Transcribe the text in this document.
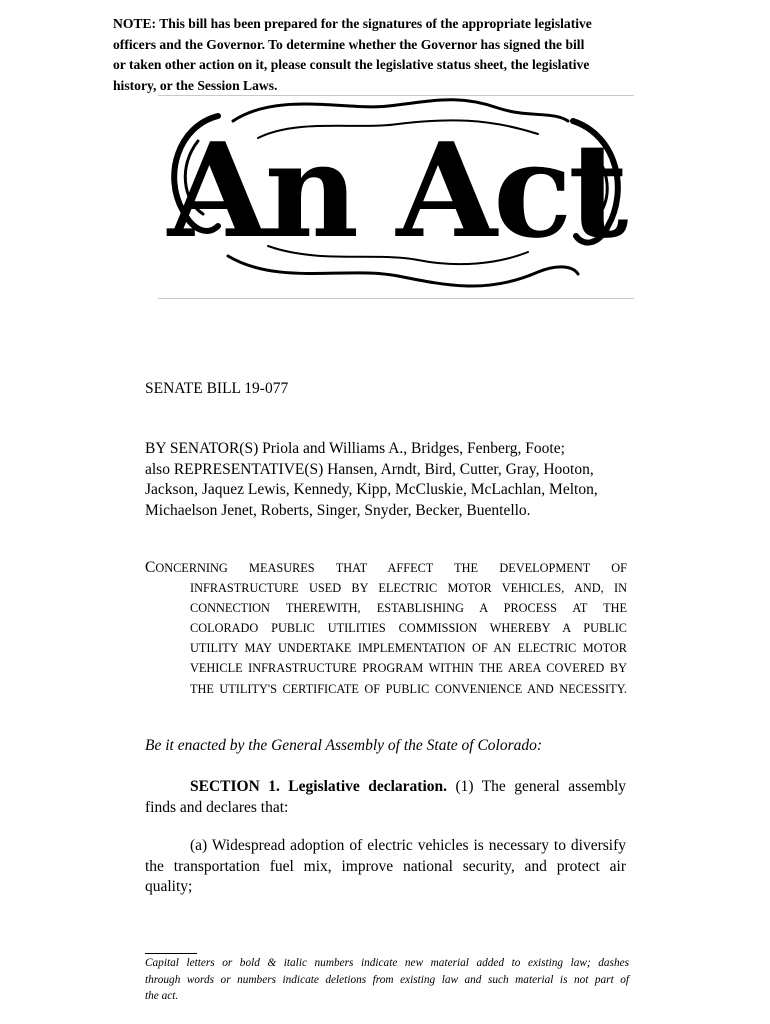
NOTE: This bill has been prepared for the signatures of the appropriate legislative
officers and the Governor. To determine whether the Governor has signed the bill
or taken other action on it, please consult the legislative status sheet, the legislative
history, or the Session Laws.
An Act
SENATE BILL 19-077
BY SENATOR(S) Priola and Williams A., Bridges, Fenberg, Foote;
also REPRESENTATIVE(S) Hansen, Arndt, Bird, Cutter, Gray, Hooton,
Jackson, Jaquez Lewis, Kennedy, Kipp, McCluskie, McLachlan, Melton,
Michaelson Jenet, Roberts, Singer, Snyder, Becker, Buentello.
CONCERNING MEASURES THAT AFFECT THE DEVELOPMENT OF
INFRASTRUCTURE USED BY ELECTRIC MOTOR VEHICLES, AND, IN
CONNECTION THEREWITH, ESTABLISHING A PROCESS AT THE
COLORADO PUBLIC UTILITIES COMMISSION WHEREBY A PUBLIC
UTILITY MAY UNDERTAKE IMPLEMENTATION OF AN ELECTRIC MOTOR
VEHICLE INFRASTRUCTURE PROGRAM WITHIN THE AREA COVERED BY
THE UTILITY'S CERTIFICATE OF PUBLIC CONVENIENCE AND NECESSITY.
Be it enacted by the General Assembly of the State of Colorado:
SECTION 1. Legislative declaration. (1) The general assembly
finds and declares that:
(a) Widespread adoption of electric vehicles is necessary to diversify
the transportation fuel mix, improve national security, and protect air
quality;
Capital letters or bold & italic numbers indicate new material added to existing law; dashes
through words or numbers indicate deletions from existing law and such material is not part of
the act.
